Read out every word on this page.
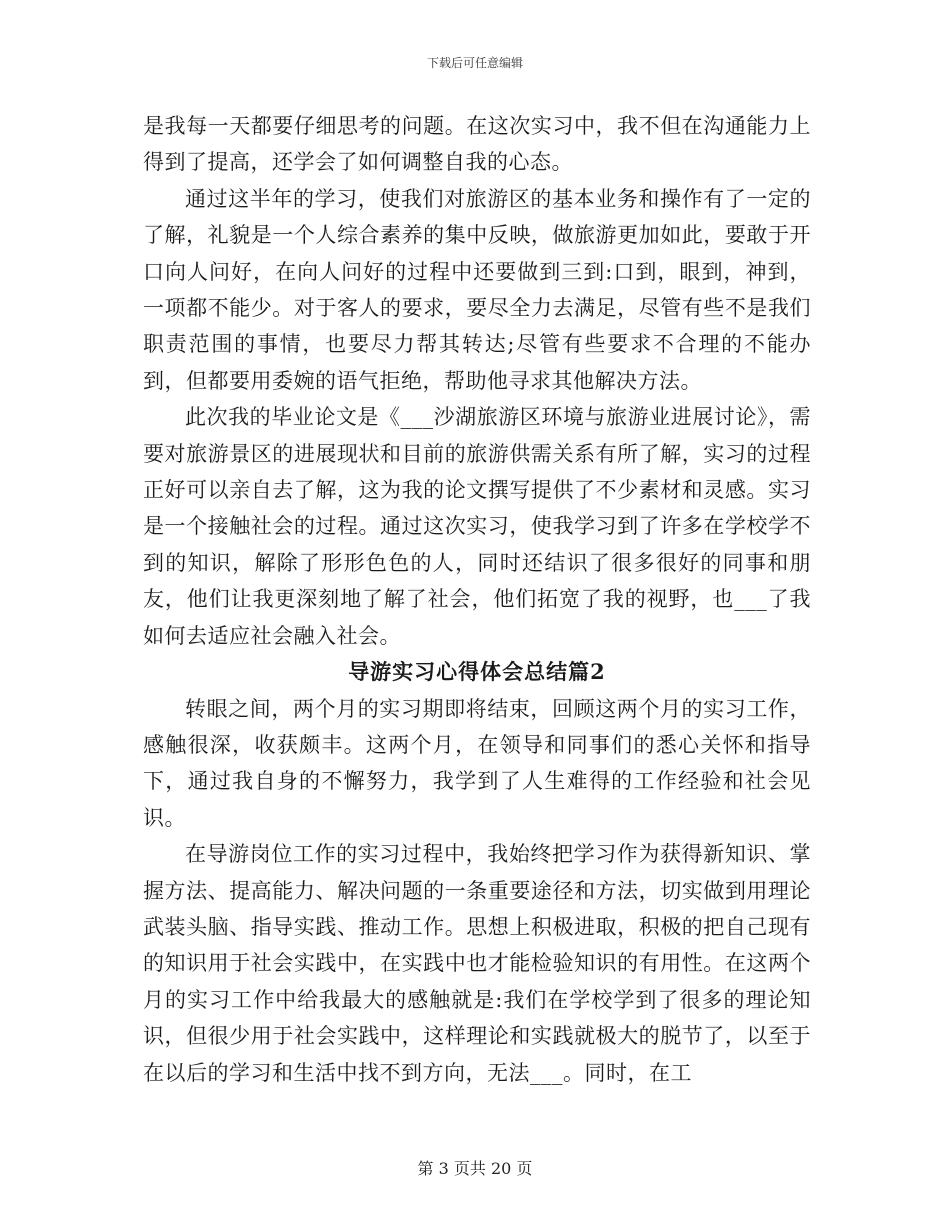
下载后可任意编辑

是我每一天都要仔细思考的问题。在这次实习中，我不但在沟通能力上得到了提高，还学会了如何调整自我的心态。

通过这半年的学习，使我们对旅游区的基本业务和操作有了一定的了解，礼貌是一个人综合素养的集中反映，做旅游更加如此，要敢于开口向人问好，在向人问好的过程中还要做到三到:口到，眼到，神到，一项都不能少。对于客人的要求，要尽全力去满足，尽管有些不是我们职责范围的事情，也要尽力帮其转达;尽管有些要求不合理的不能办到，但都要用委婉的语气拒绝，帮助他寻求其他解决方法。

此次我的毕业论文是《___沙湖旅游区环境与旅游业进展讨论》，需要对旅游景区的进展现状和目前的旅游供需关系有所了解，实习的过程正好可以亲自去了解，这为我的论文撰写提供了不少素材和灵感。实习是一个接触社会的过程。通过这次实习，使我学习到了许多在学校学不到的知识，解除了形形色色的人，同时还结识了很多很好的同事和朋友，他们让我更深刻地了解了社会，他们拓宽了我的视野，也___了我如何去适应社会融入社会。

导游实习心得体会总结篇2

转眼之间，两个月的实习期即将结束，回顾这两个月的实习工作，感触很深，收获颇丰。这两个月，在领导和同事们的悉心关怀和指导下，通过我自身的不懈努力，我学到了人生难得的工作经验和社会见识。

在导游岗位工作的实习过程中，我始终把学习作为获得新知识、掌握方法、提高能力、解决问题的一条重要途径和方法，切实做到用理论武装头脑、指导实践、推动工作。思想上积极进取，积极的把自己现有的知识用于社会实践中，在实践中也才能检验知识的有用性。在这两个月的实习工作中给我最大的感触就是:我们在学校学到了很多的理论知识，但很少用于社会实践中，这样理论和实践就极大的脱节了，以至于在以后的学习和生活中找不到方向，无法___。同时，在工

第 3 页共 20 页
